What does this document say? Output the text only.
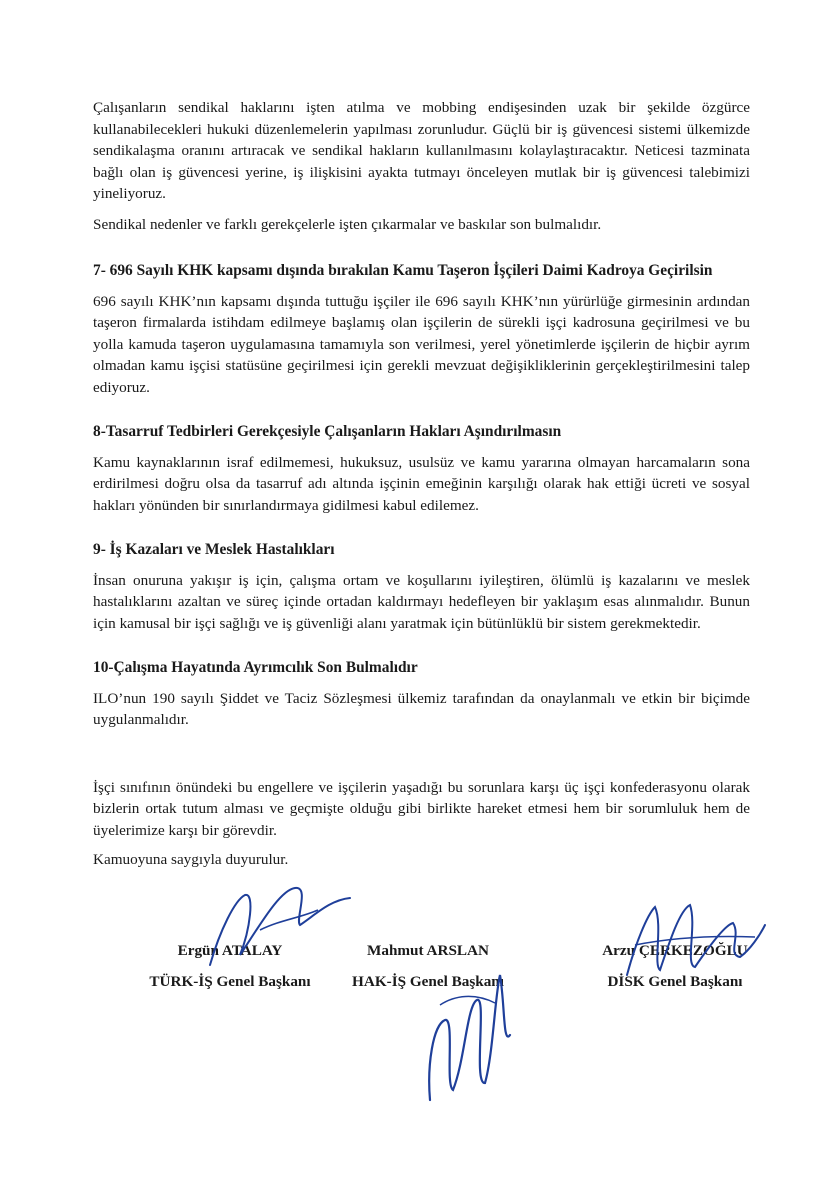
Çalışanların sendikal haklarını işten atılma ve mobbing endişesinden uzak bir şekilde özgürce kullanabilecekleri hukuki düzenlemelerin yapılması zorunludur. Güçlü bir iş güvencesi sistemi ülkemizde sendikalaşma oranını artıracak ve sendikal hakların kullanılmasını kolaylaştıracaktır. Neticesi tazminata bağlı olan iş güvencesi yerine, iş ilişkisini ayakta tutmayı önceleyen mutlak bir iş güvencesi talebimizi yineliyoruz.

Sendikal nedenler ve farklı gerekçelerle işten çıkarmalar ve baskılar son bulmalıdır.

7- 696 Sayılı KHK kapsamı dışında bırakılan Kamu Taşeron İşçileri Daimi Kadroya Geçirilsin

696 sayılı KHK’nın kapsamı dışında tuttuğu işçiler ile 696 sayılı KHK’nın yürürlüğe girmesinin ardından taşeron firmalarda istihdam edilmeye başlamış olan işçilerin de sürekli işçi kadrosuna geçirilmesi ve bu yolla kamuda taşeron uygulamasına tamamıyla son verilmesi, yerel yönetimlerde işçilerin de hiçbir ayrım olmadan kamu işçisi statüsüne geçirilmesi için gerekli mevzuat değişikliklerinin gerçekleştirilmesini talep ediyoruz.

8-Tasarruf Tedbirleri Gerekçesiyle Çalışanların Hakları Aşındırılmasın

Kamu kaynaklarının israf edilmemesi, hukuksuz, usulsüz ve kamu yararına olmayan harcamaların sona erdirilmesi doğru olsa da tasarruf adı altında işçinin emeğinin karşılığı olarak hak ettiği ücreti ve sosyal hakları yönünden bir sınırlandırmaya gidilmesi kabul edilemez.

9- İş Kazaları ve Meslek Hastalıkları

İnsan onuruna yakışır iş için, çalışma ortam ve koşullarını iyileştiren, ölümlü iş kazalarını ve meslek hastalıklarını azaltan ve süreç içinde ortadan kaldırmayı hedefleyen bir yaklaşım esas alınmalıdır. Bunun için kamusal bir işçi sağlığı ve iş güvenliği alanı yaratmak için bütünlüklü bir sistem gerekmektedir.

10-Çalışma Hayatında Ayrımcılık Son Bulmalıdır

ILO’nun 190 sayılı Şiddet ve Taciz Sözleşmesi ülkemiz tarafından da onaylanmalı ve etkin bir biçimde uygulanmalıdır.

İşçi sınıfının önündeki bu engellere ve işçilerin yaşadığı bu sorunlara karşı üç işçi konfederasyonu olarak bizlerin ortak tutum alması ve geçmişte olduğu gibi birlikte hareket etmesi hem bir sorumluluk hem de üyelerimize karşı bir görevdir.

Kamuoyuna saygıyla duyurulur.

Ergün ATALAY
TÜRK-İŞ Genel Başkanı
Mahmut ARSLAN
HAK-İŞ Genel Başkanı
Arzu ÇERKEZOĞLU
DİSK Genel Başkanı
